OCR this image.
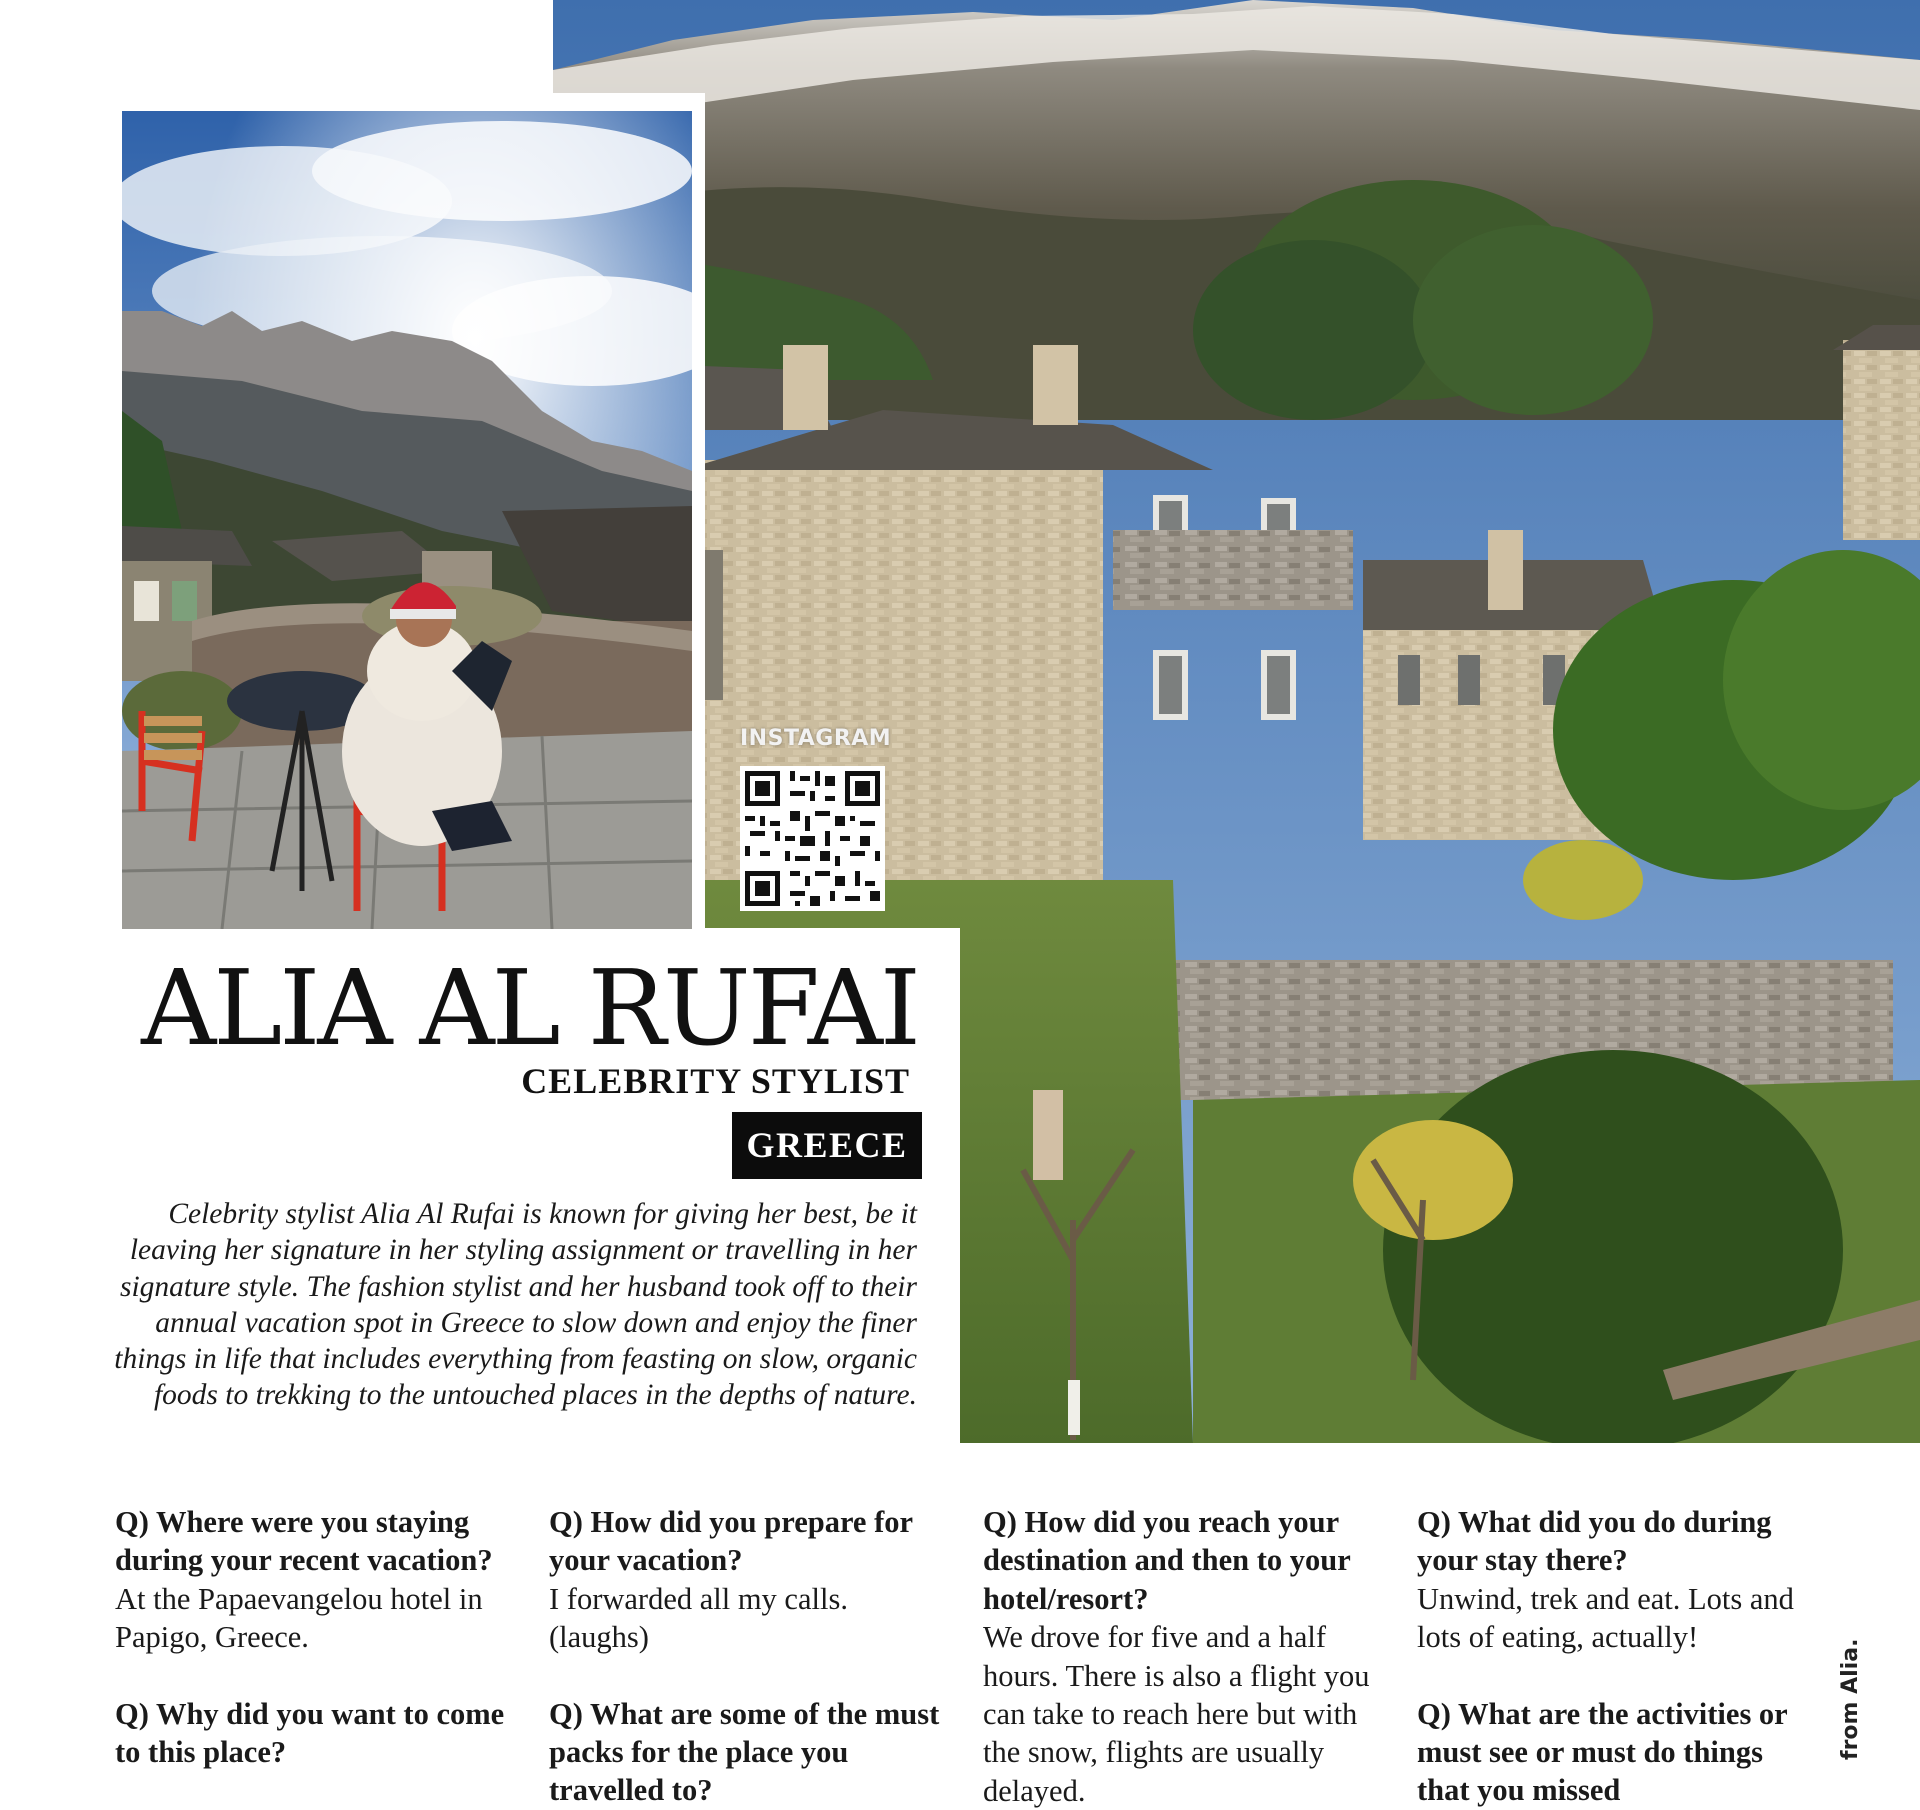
INSTAGRAM
ALIA AL RUFAI
CELEBRITY STYLIST
GREECE
Celebrity stylist Alia Al Rufai is known for giving her best, be it leaving her signature in her styling assignment or travelling in her signature style. The fashion stylist and her husband took off to their annual vacation spot in Greece to slow down and enjoy the finer things in life that includes everything from feasting on slow, organic foods to trekking to the untouched places in the depths of nature.
Q) Where were you staying during your recent vacation?
At the Papaevangelou hotel in Papigo, Greece.
Q) Why did you want to come to this place?
Q) How did you prepare for your vacation?
I forwarded all my calls. (laughs)
Q) What are some of the must packs for the place you travelled to?
Q) How did you reach your destination and then to your hotel/resort?
We drove for five and a half hours. There is also a flight you can take to reach here but with the snow, flights are usually delayed.
Q) What did you do during your stay there?
Unwind, trek and eat. Lots and lots of eating, actually!
Q) What are the activities or must see or must do things that you missed
from Alia.
